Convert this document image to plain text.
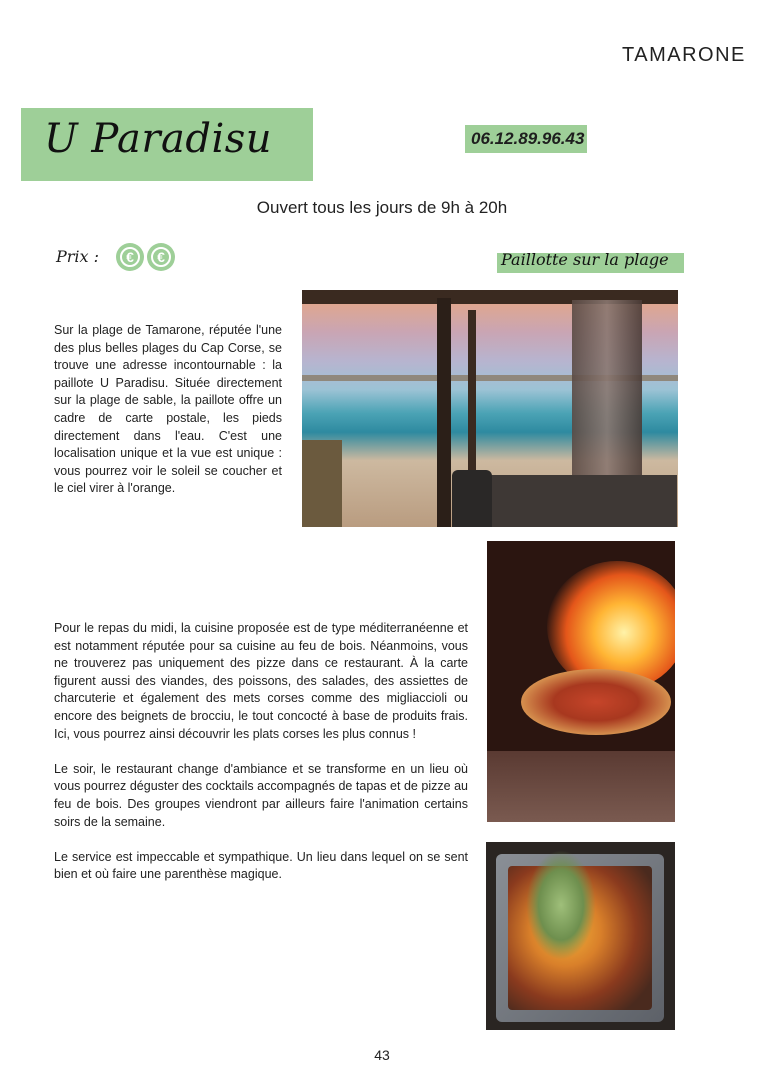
TAMARONE
U Paradisu	06.12.89.96.43
Ouvert tous les jours de 9h à 20h
Prix :	€	€	Paillotte sur la plage
Sur la plage de Tamarone, réputée l'une des plus belles plages du Cap Corse, se trouve une adresse incontournable : la paillote U Paradisu. Située directement sur la plage de sable, la paillote offre un cadre de carte postale, les pieds directement dans l'eau. C'est une localisation unique et la vue est unique : vous pourrez voir le soleil se coucher et le ciel virer à l'orange.

Pour le repas du midi, la cuisine proposée est de type méditerranéenne et est notamment réputée pour sa cuisine au feu de bois. Néanmoins, vous ne trouverez pas uniquement des pizze dans ce restaurant. À la carte figurent aussi des viandes, des poissons, des salades, des assiettes de charcuterie et également des mets corses comme des migliaccioli ou encore des beignets de brocciu, le tout concocté à base de produits frais. Ici, vous pourrez ainsi découvrir les plats corses les plus connus !

Le soir, le restaurant change d'ambiance et se transforme en un lieu où vous pourrez déguster des cocktails accompagnés de tapas et de pizze au feu de bois. Des groupes viendront par ailleurs faire l'animation certains soirs de la semaine.

Le service est impeccable et sympathique. Un lieu dans lequel on se sent bien et où faire une parenthèse magique.

43
